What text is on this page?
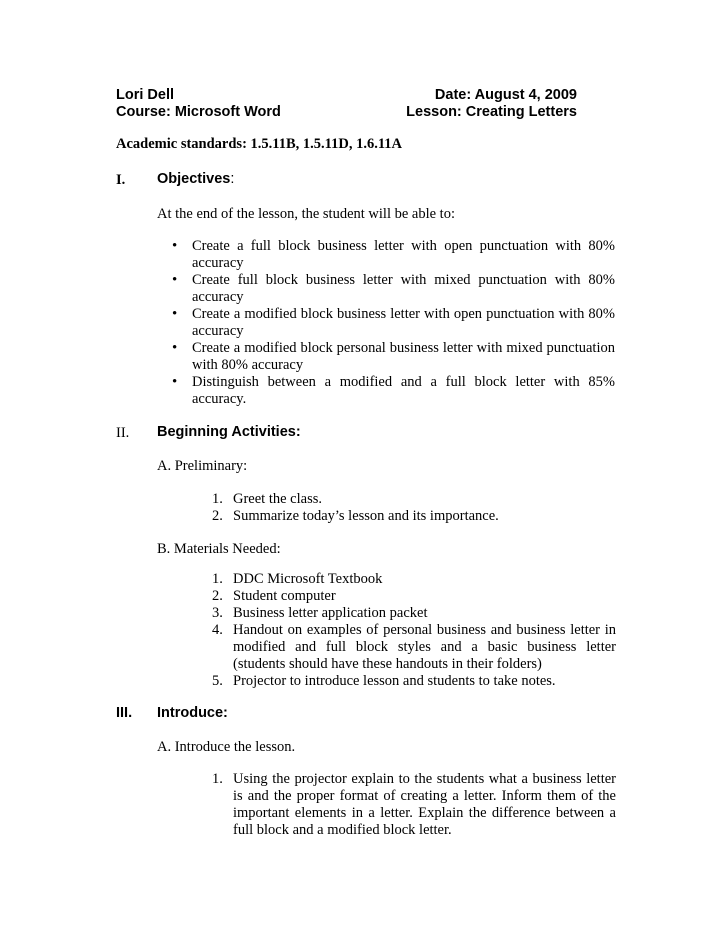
Lori Dell	Date: August 4, 2009
Course: Microsoft Word	Lesson: Creating Letters
Academic standards: 1.5.11B, 1.5.11D, 1.6.11A
I. Objectives:
At the end of the lesson, the student will be able to:
• Create a full block business letter with open punctuation with 80% accuracy
• Create full block business letter with mixed punctuation with 80% accuracy
• Create a modified block business letter with open punctuation with 80% accuracy
• Create a modified block personal business letter with mixed punctuation with 80% accuracy
• Distinguish between a modified and a full block letter with 85% accuracy.
II. Beginning Activities:
A. Preliminary:
1. Greet the class.
2. Summarize today’s lesson and its importance.
B. Materials Needed:
1. DDC Microsoft Textbook
2. Student computer
3. Business letter application packet
4. Handout on examples of personal business and business letter in modified and full block styles and a basic business letter (students should have these handouts in their folders)
5. Projector to introduce lesson and students to take notes.
III. Introduce:
A. Introduce the lesson.
1. Using the projector explain to the students what a business letter is and the proper format of creating a letter. Inform them of the important elements in a letter. Explain the difference between a full block and a modified block letter.
